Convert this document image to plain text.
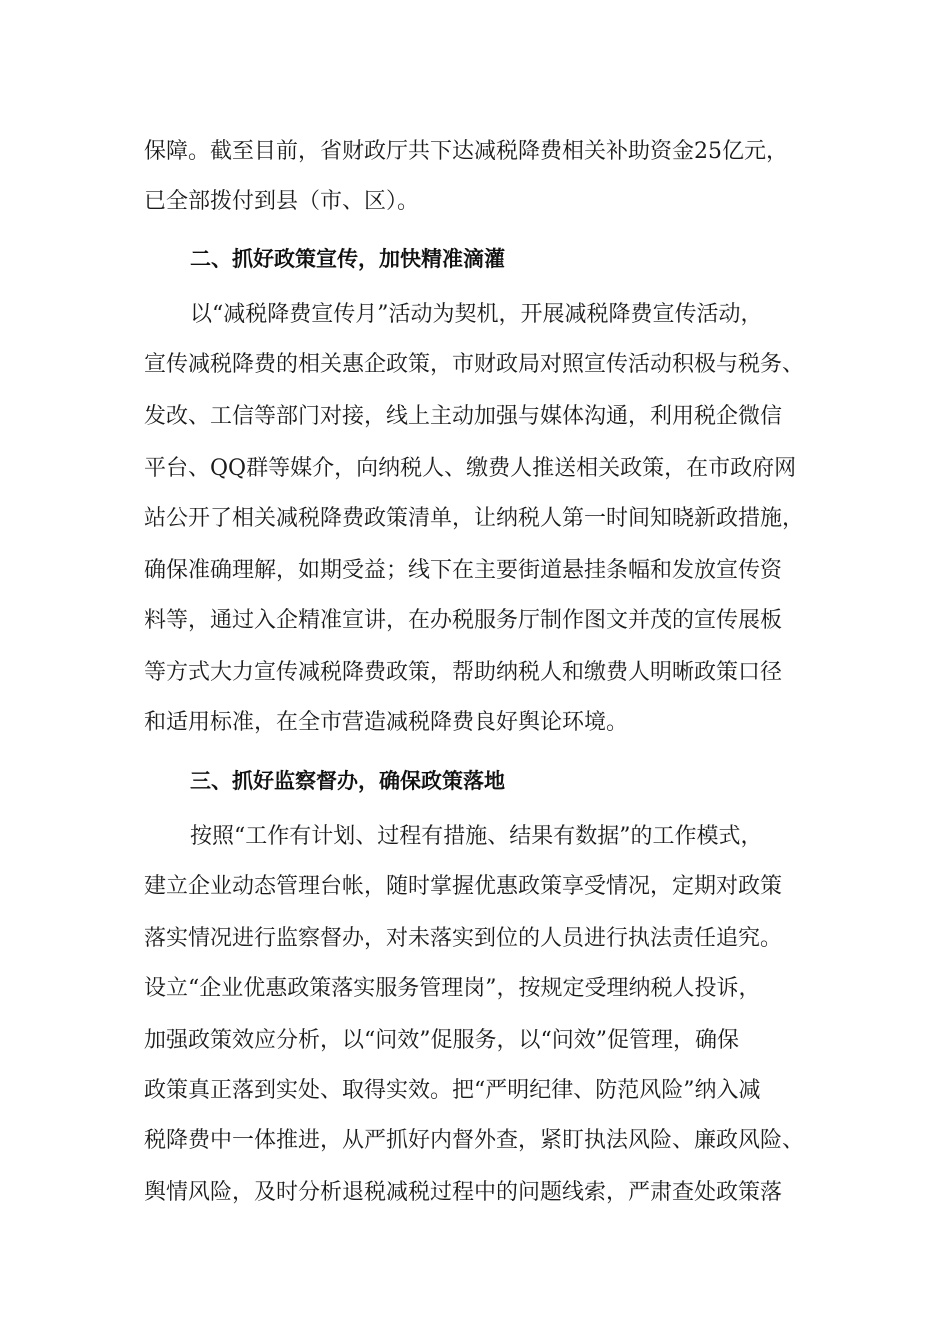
保障。截至目前，省财政厅共下达减税降费相关补助资金25亿元，

已全部拨付到县（市、区）。

二、抓好政策宣传，加快精准滴灌

以“减税降费宣传月”活动为契机，开展减税降费宣传活动，

宣传减税降费的相关惠企政策，市财政局对照宣传活动积极与税务、

发改、工信等部门对接，线上主动加强与媒体沟通，利用税企微信

平台、QQ群等媒介，向纳税人、缴费人推送相关政策，在市政府网

站公开了相关减税降费政策清单，让纳税人第一时间知晓新政措施，

确保准确理解，如期受益；线下在主要街道悬挂条幅和发放宣传资

料等，通过入企精准宣讲，在办税服务厅制作图文并茂的宣传展板

等方式大力宣传减税降费政策，帮助纳税人和缴费人明晰政策口径

和适用标准，在全市营造减税降费良好舆论环境。

三、抓好监察督办，确保政策落地

按照“工作有计划、过程有措施、结果有数据”的工作模式，

建立企业动态管理台帐，随时掌握优惠政策享受情况，定期对政策

落实情况进行监察督办，对未落实到位的人员进行执法责任追究。

设立“企业优惠政策落实服务管理岗”，按规定受理纳税人投诉，

加强政策效应分析，以“问效”促服务，以“问效”促管理，确保

政策真正落到实处、取得实效。把“严明纪律、防范风险”纳入减

税降费中一体推进，从严抓好内督外查，紧盯执法风险、廉政风险、

舆情风险，及时分析退税减税过程中的问题线索，严肃查处政策落
